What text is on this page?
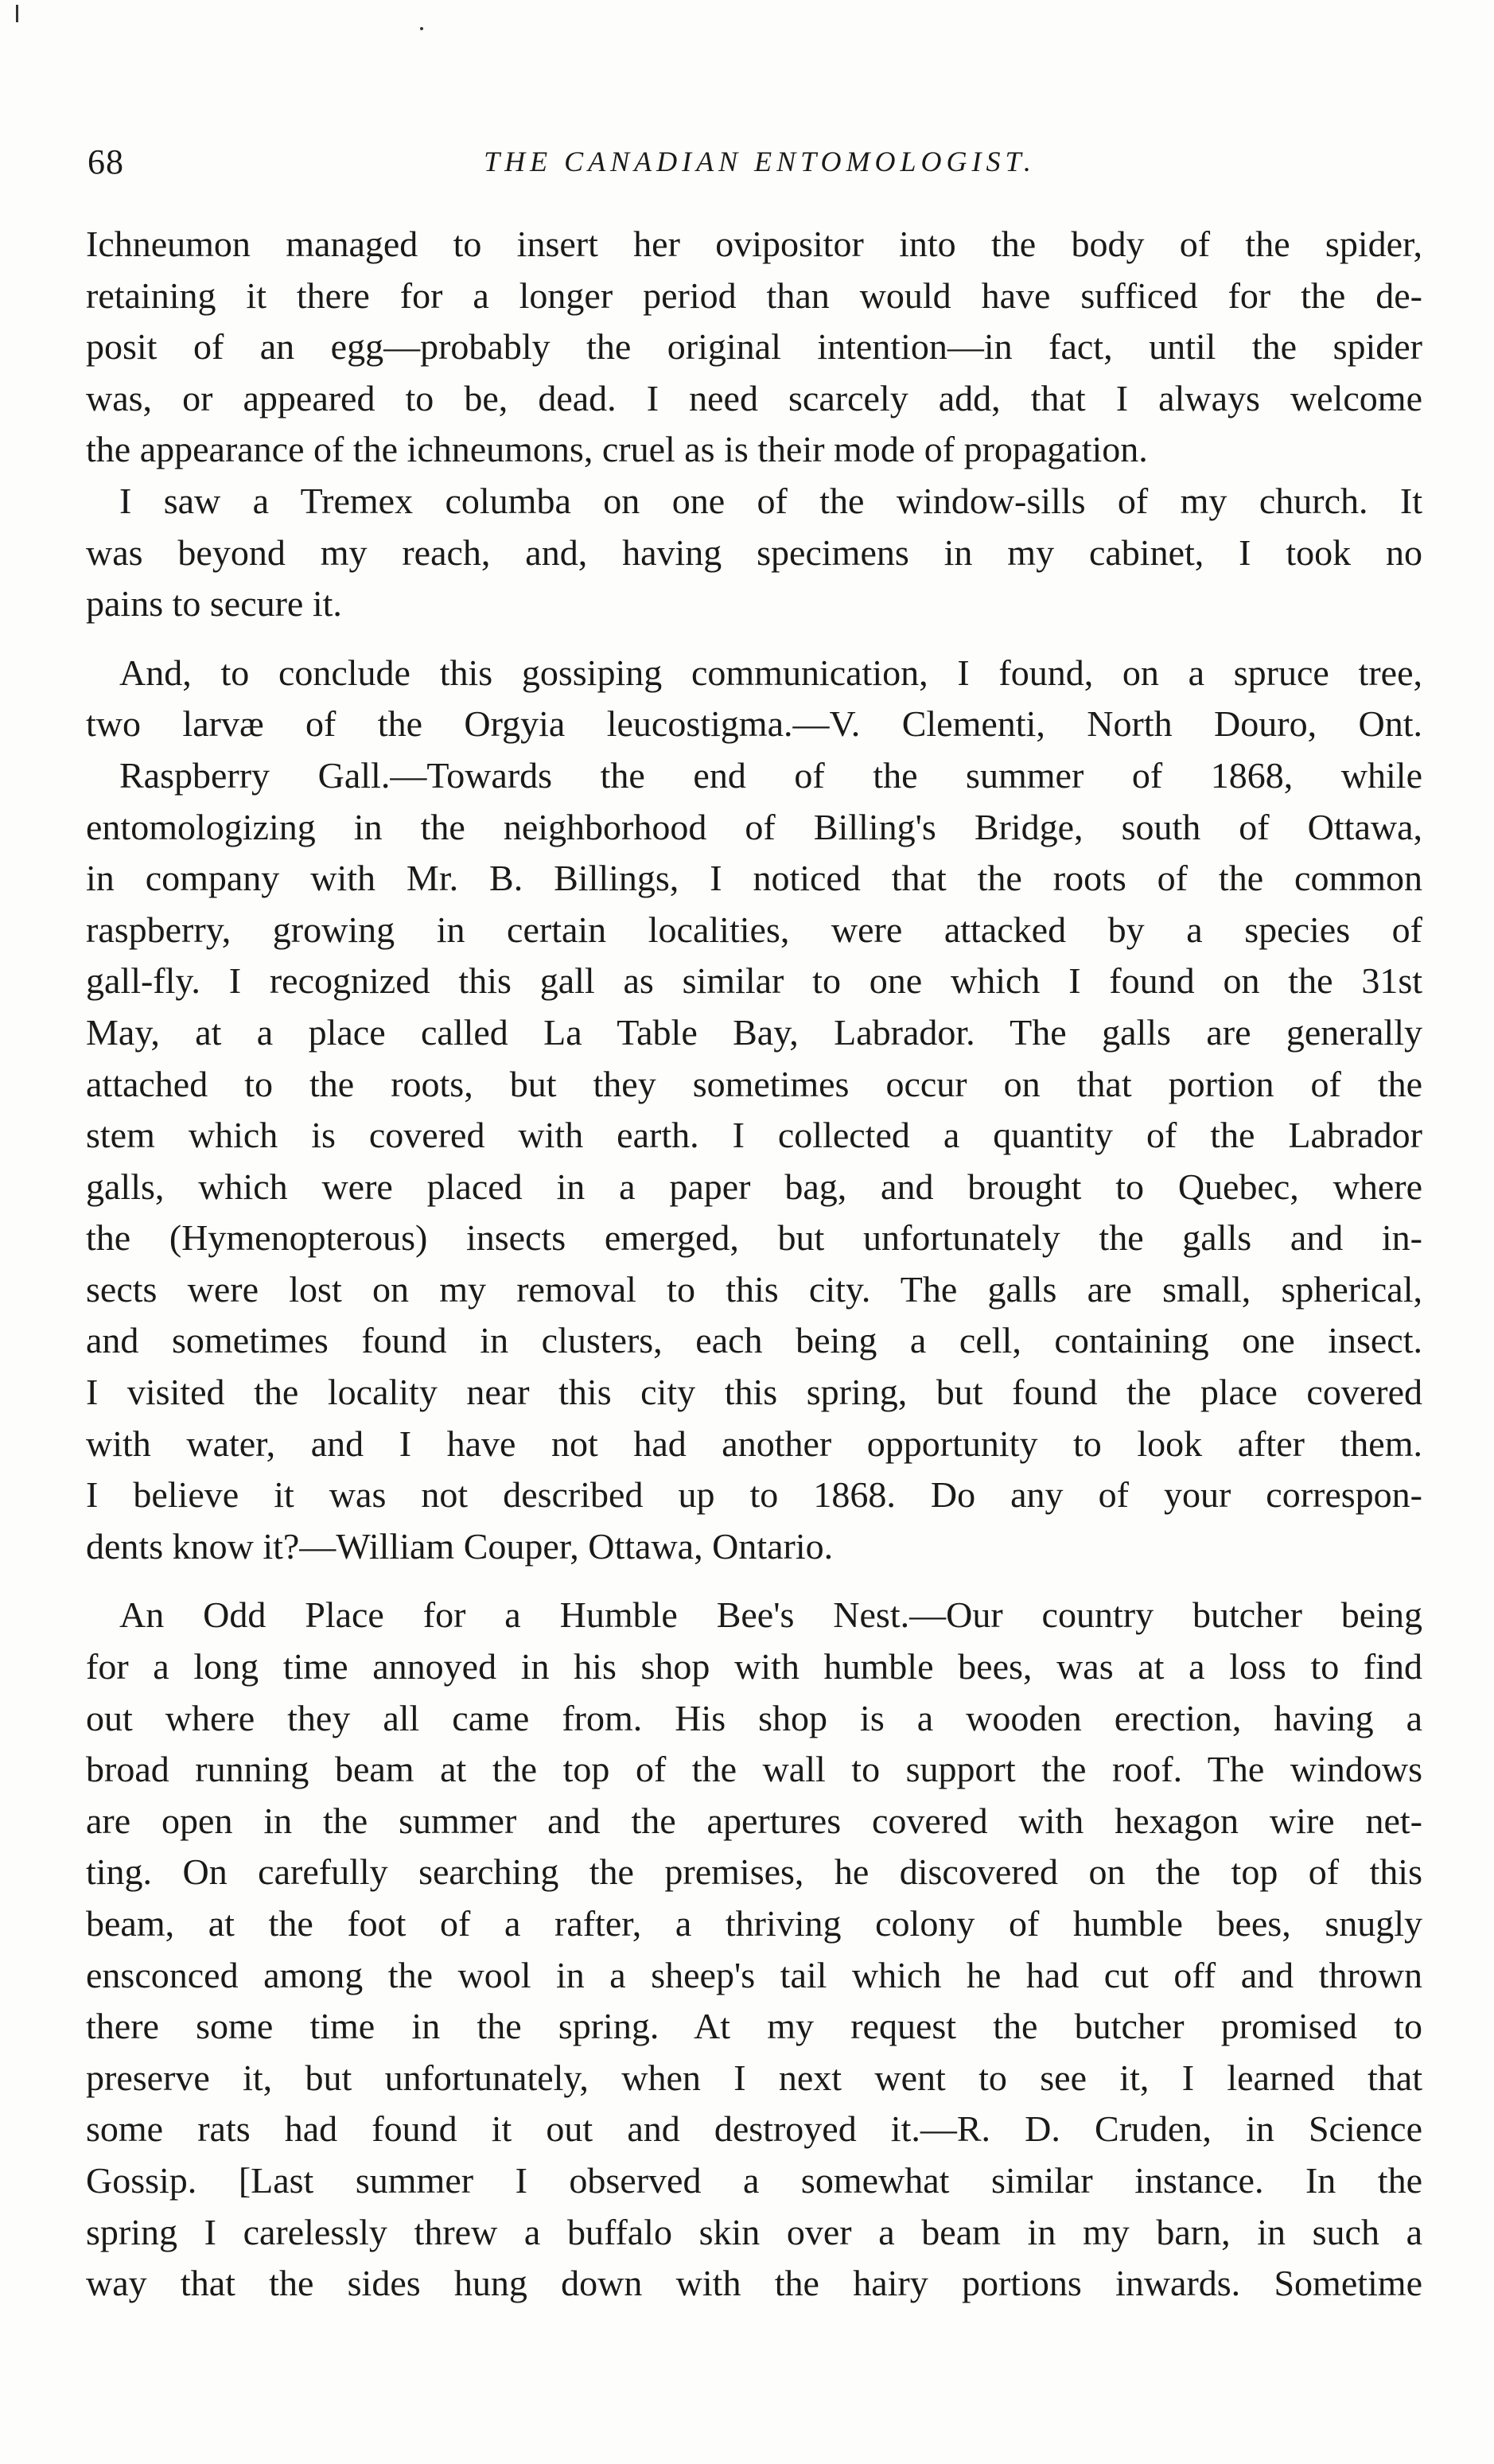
68	THE CANADIAN ENTOMOLOGIST.
Ichneumon managed to insert her ovipositor into the body of the spider,
retaining it there for a longer period than would have sufficed for the de-
posit of an egg—probably the original intention—in fact, until the spider
was, or appeared to be, dead. I need scarcely add, that I always welcome
the appearance of the ichneumons, cruel as is their mode of propagation.
I saw a Tremex columba on one of the window-sills of my church. It
was beyond my reach, and, having specimens in my cabinet, I took no
pains to secure it.
And, to conclude this gossiping communication, I found, on a spruce tree,
two larvæ of the Orgyia leucostigma.—V. Clementi, North Douro, Ont.
Raspberry Gall.—Towards the end of the summer of 1868, while
entomologizing in the neighborhood of Billing's Bridge, south of Ottawa,
in company with Mr. B. Billings, I noticed that the roots of the common
raspberry, growing in certain localities, were attacked by a species of
gall-fly. I recognized this gall as similar to one which I found on the 31st
May, at a place called La Table Bay, Labrador. The galls are generally
attached to the roots, but they sometimes occur on that portion of the
stem which is covered with earth. I collected a quantity of the Labrador
galls, which were placed in a paper bag, and brought to Quebec, where
the (Hymenopterous) insects emerged, but unfortunately the galls and in-
sects were lost on my removal to this city. The galls are small, spherical,
and sometimes found in clusters, each being a cell, containing one insect.
I visited the locality near this city this spring, but found the place covered
with water, and I have not had another opportunity to look after them.
I believe it was not described up to 1868. Do any of your correspon-
dents know it?—William Couper, Ottawa, Ontario.
An Odd Place for a Humble Bee's Nest.—Our country butcher being
for a long time annoyed in his shop with humble bees, was at a loss to find
out where they all came from. His shop is a wooden erection, having a
broad running beam at the top of the wall to support the roof. The windows
are open in the summer and the apertures covered with hexagon wire net-
ting. On carefully searching the premises, he discovered on the top of this
beam, at the foot of a rafter, a thriving colony of humble bees, snugly
ensconced among the wool in a sheep's tail which he had cut off and thrown
there some time in the spring. At my request the butcher promised to
preserve it, but unfortunately, when I next went to see it, I learned that
some rats had found it out and destroyed it.—R. D. Cruden, in Science
Gossip. [Last summer I observed a somewhat similar instance. In the
spring I carelessly threw a buffalo skin over a beam in my barn, in such a
way that the sides hung down with the hairy portions inwards. Sometime
